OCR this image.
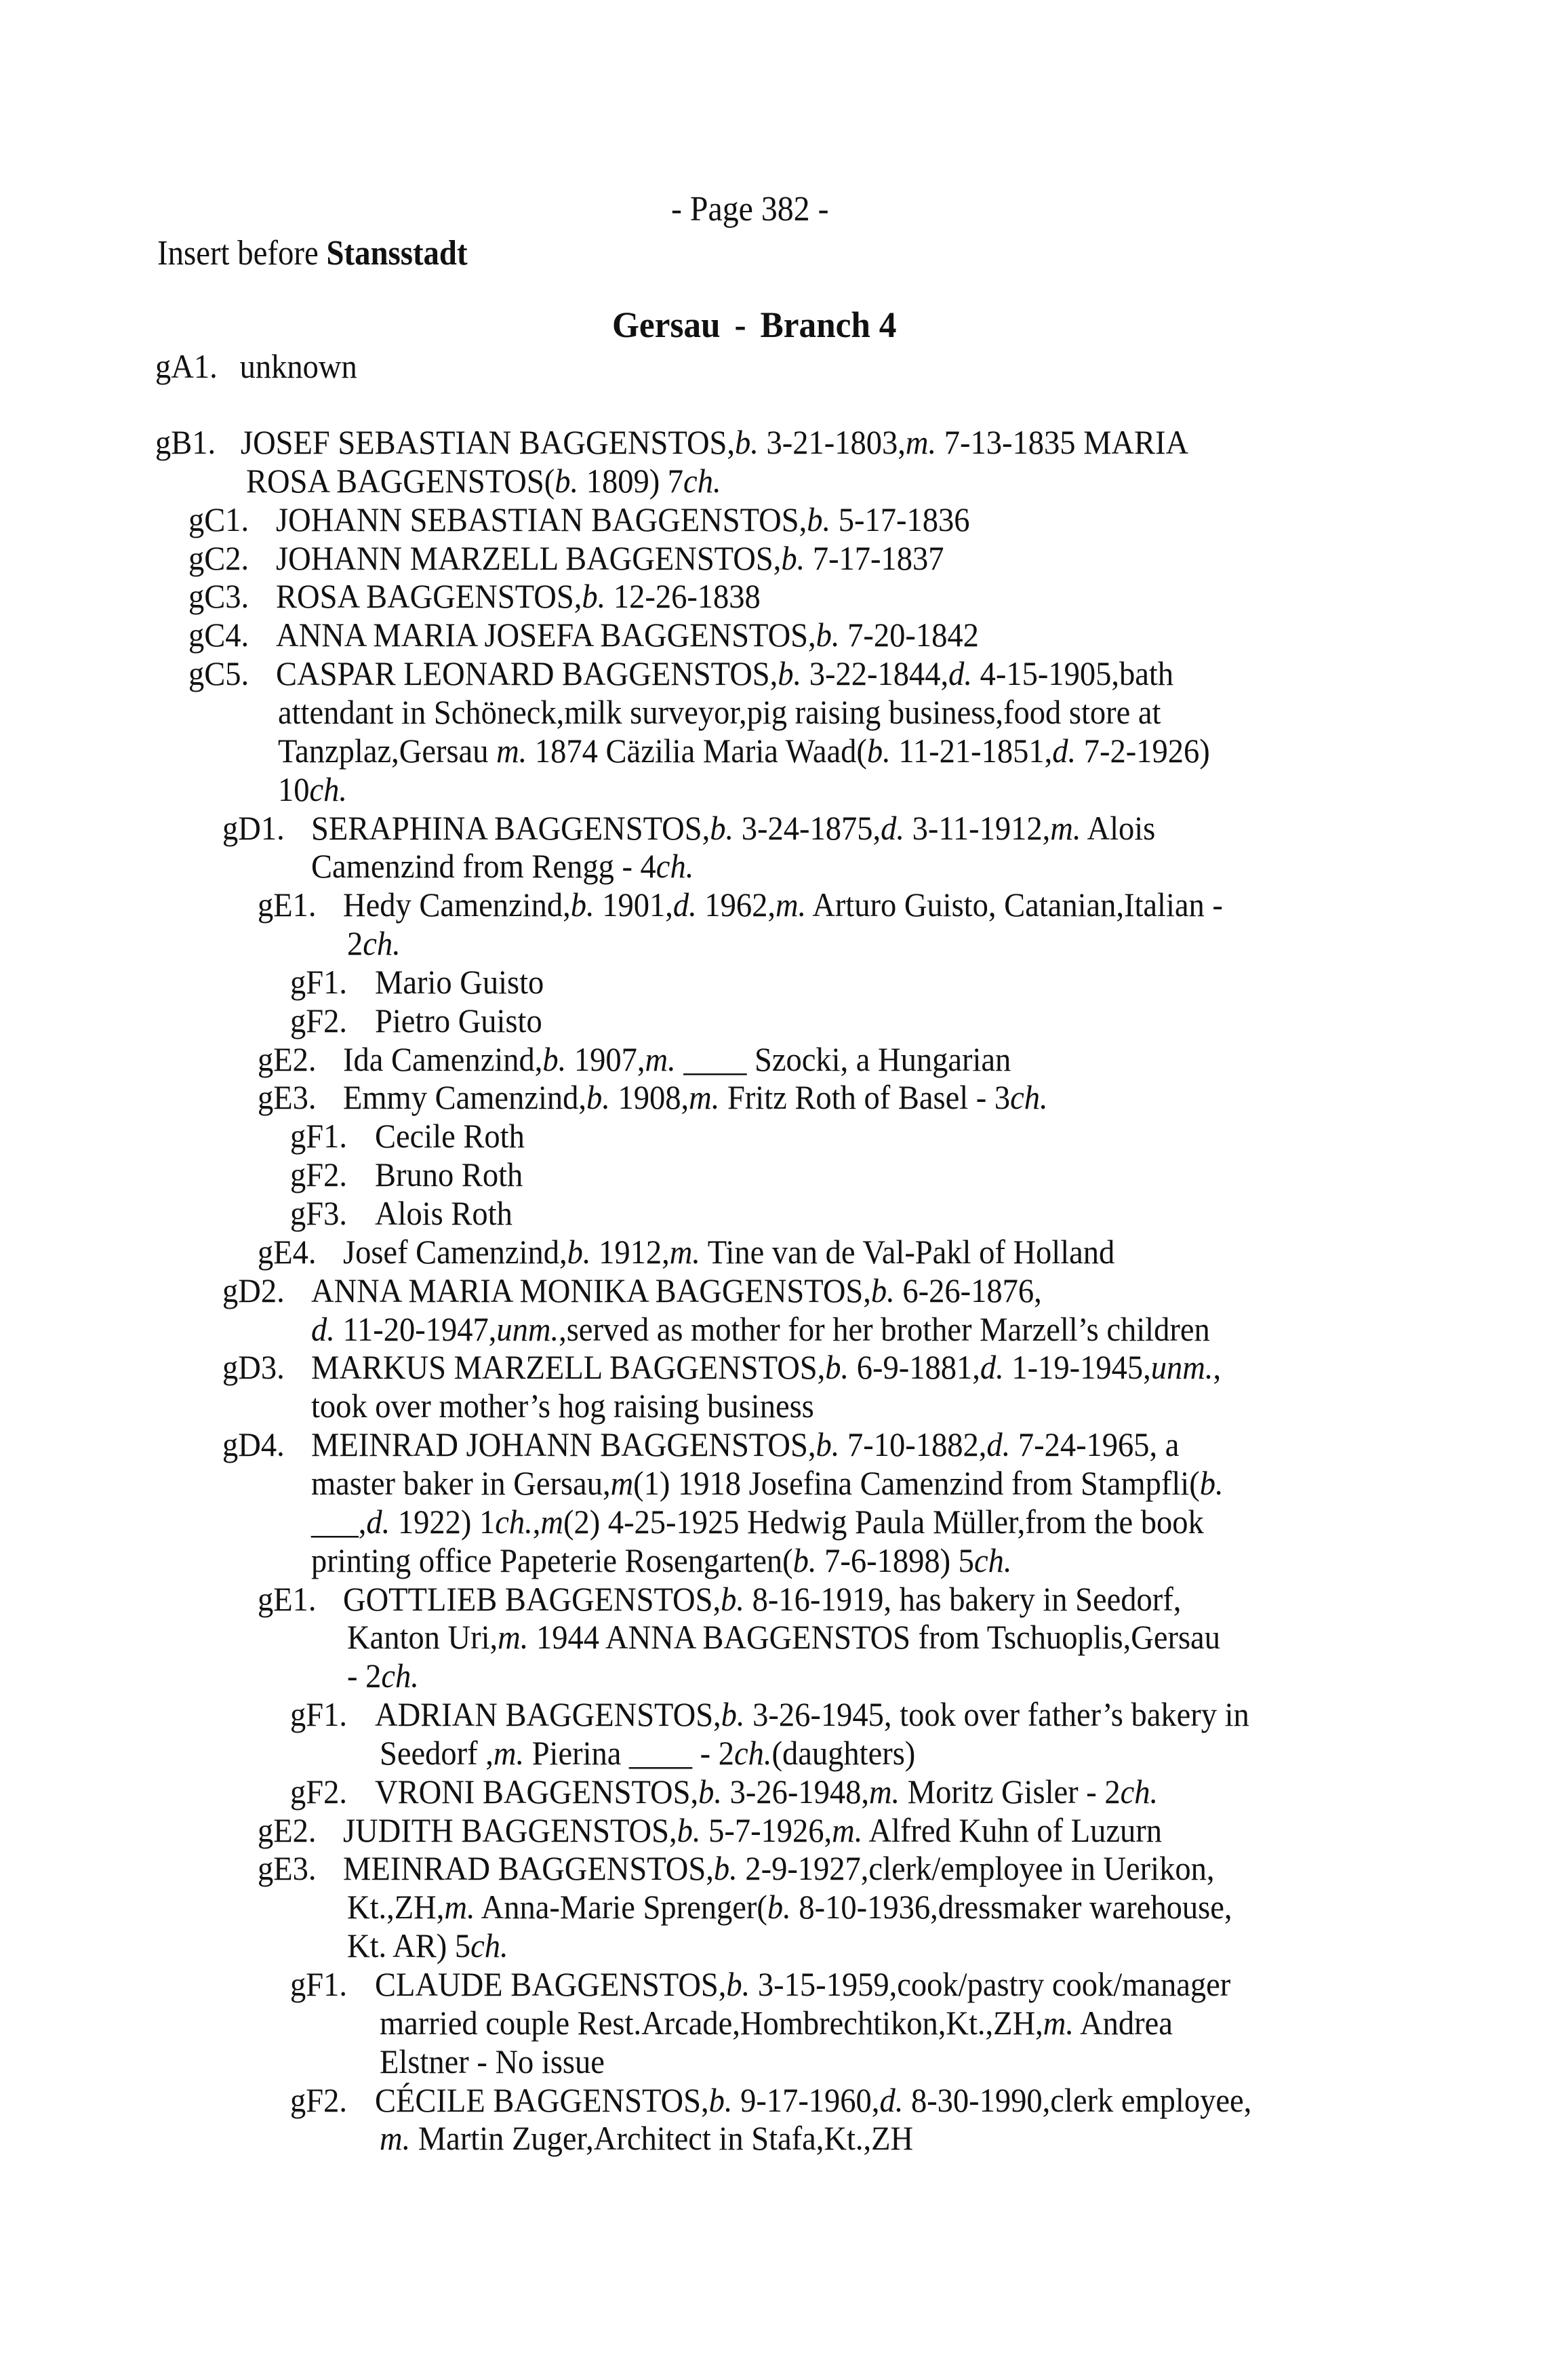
- Page 382 -
Insert before Stansstadt
Gersau - Branch 4
gA1. unknown
gB1. JOSEF SEBASTIAN BAGGENSTOS,b. 3-21-1803,m. 7-13-1835 MARIA
ROSA BAGGENSTOS(b. 1809) 7ch.
gC1. JOHANN SEBASTIAN BAGGENSTOS,b. 5-17-1836
gC2. JOHANN MARZELL BAGGENSTOS,b. 7-17-1837
gC3. ROSA BAGGENSTOS,b. 12-26-1838
gC4. ANNA MARIA JOSEFA BAGGENSTOS,b. 7-20-1842
gC5. CASPAR LEONARD BAGGENSTOS,b. 3-22-1844,d. 4-15-1905,bath
attendant in Schöneck,milk surveyor,pig raising business,food store at
Tanzplaz,Gersau m. 1874 Cäzilia Maria Waad(b. 11-21-1851,d. 7-2-1926)
10ch.
gD1. SERAPHINA BAGGENSTOS,b. 3-24-1875,d. 3-11-1912,m. Alois
Camenzind from Rengg - 4ch.
gE1. Hedy Camenzind,b. 1901,d. 1962,m. Arturo Guisto, Catanian,Italian -
2ch.
gF1. Mario Guisto
gF2. Pietro Guisto
gE2. Ida Camenzind,b. 1907,m. ____ Szocki, a Hungarian
gE3. Emmy Camenzind,b. 1908,m. Fritz Roth of Basel - 3ch.
gF1. Cecile Roth
gF2. Bruno Roth
gF3. Alois Roth
gE4. Josef Camenzind,b. 1912,m. Tine van de Val-Pakl of Holland
gD2. ANNA MARIA MONIKA BAGGENSTOS,b. 6-26-1876,
d. 11-20-1947,unm.,served as mother for her brother Marzell’s children
gD3. MARKUS MARZELL BAGGENSTOS,b. 6-9-1881,d. 1-19-1945,unm.,
took over mother’s hog raising business
gD4. MEINRAD JOHANN BAGGENSTOS,b. 7-10-1882,d. 7-24-1965, a
master baker in Gersau,m(1) 1918 Josefina Camenzind from Stampfli(b.
___,d. 1922) 1ch.,m(2) 4-25-1925 Hedwig Paula Müller,from the book
printing office Papeterie Rosengarten(b. 7-6-1898) 5ch.
gE1. GOTTLIEB BAGGENSTOS,b. 8-16-1919, has bakery in Seedorf,
Kanton Uri,m. 1944 ANNA BAGGENSTOS from Tschuoplis,Gersau
- 2ch.
gF1. ADRIAN BAGGENSTOS,b. 3-26-1945, took over father’s bakery in
Seedorf ,m. Pierina ____ - 2ch.(daughters)
gF2. VRONI BAGGENSTOS,b. 3-26-1948,m. Moritz Gisler - 2ch.
gE2. JUDITH BAGGENSTOS,b. 5-7-1926,m. Alfred Kuhn of Luzurn
gE3. MEINRAD BAGGENSTOS,b. 2-9-1927,clerk/employee in Uerikon,
Kt.,ZH,m. Anna-Marie Sprenger(b. 8-10-1936,dressmaker warehouse,
Kt. AR) 5ch.
gF1. CLAUDE BAGGENSTOS,b. 3-15-1959,cook/pastry cook/manager
married couple Rest.Arcade,Hombrechtikon,Kt.,ZH,m. Andrea
Elstner - No issue
gF2. CÉCILE BAGGENSTOS,b. 9-17-1960,d. 8-30-1990,clerk employee,
m. Martin Zuger,Architect in Stafa,Kt.,ZH
